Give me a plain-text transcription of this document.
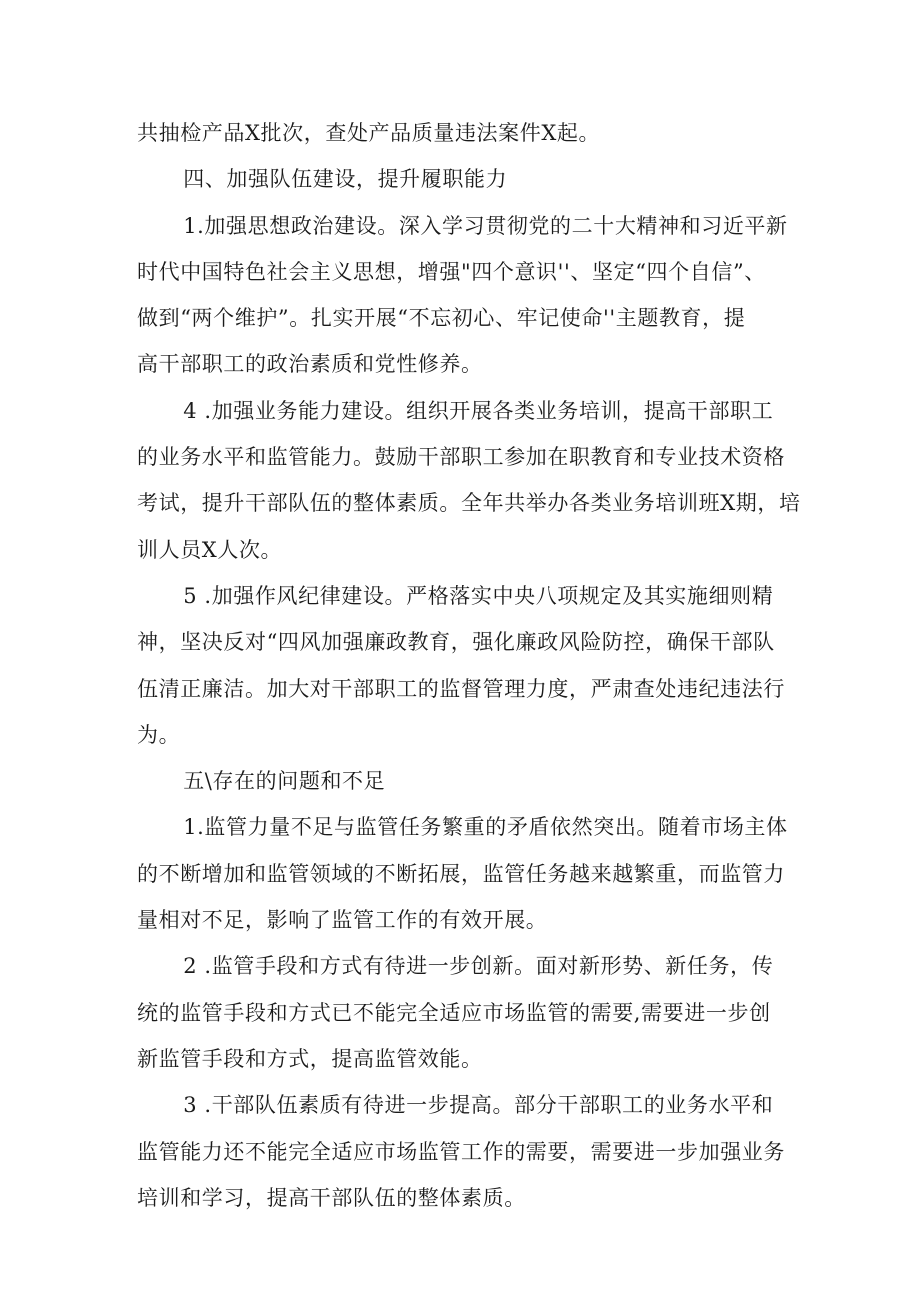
共抽检产品X批次，查处产品质量违法案件X起。

四、加强队伍建设，提升履职能力

1.加强思想政治建设。深入学习贯彻党的二十大精神和习近平新
时代中国特色社会主义思想，增强"四个意识''、坚定“四个自信”、
做到“两个维护”。扎实开展“不忘初心、牢记使命''主题教育，提
高干部职工的政治素质和党性修养。

4 .加强业务能力建设。组织开展各类业务培训，提高干部职工
的业务水平和监管能力。鼓励干部职工参加在职教育和专业技术资格
考试，提升干部队伍的整体素质。全年共举办各类业务培训班X期，培
训人员X人次。

5 .加强作风纪律建设。严格落实中央八项规定及其实施细则精
神，坚决反对“四风加强廉政教育，强化廉政风险防控，确保干部队
伍清正廉洁。加大对干部职工的监督管理力度，严肃查处违纪违法行
为。

五\存在的问题和不足

1.监管力量不足与监管任务繁重的矛盾依然突出。随着市场主体
的不断增加和监管领域的不断拓展，监管任务越来越繁重，而监管力
量相对不足，影响了监管工作的有效开展。

2 .监管手段和方式有待进一步创新。面对新形势、新任务，传
统的监管手段和方式已不能完全适应市场监管的需要,需要进一步创
新监管手段和方式，提高监管效能。

3 .干部队伍素质有待进一步提高。部分干部职工的业务水平和
监管能力还不能完全适应市场监管工作的需要，需要进一步加强业务
培训和学习，提高干部队伍的整体素质。
